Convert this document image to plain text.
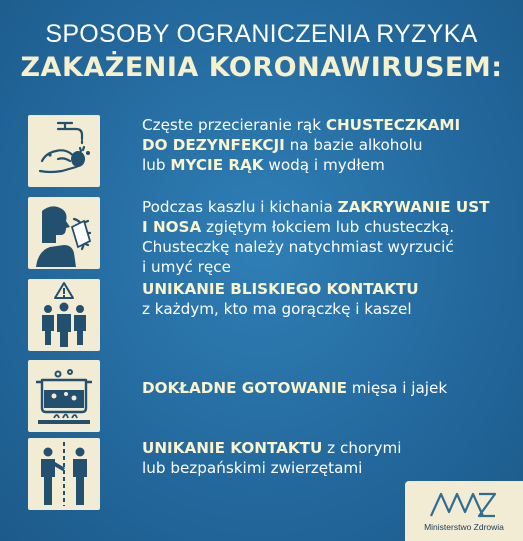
SPOSOBY OGRANICZENIA RYZYKA
ZAKAŻENIA KORONAWIRUSEM:
Częste przecieranie rąk CHUSTECZKAMI
DO DEZYNFEKCJI na bazie alkoholu
lub MYCIE RĄK wodą i mydłem
Podczas kaszlu i kichania ZAKRYWANIE UST
I NOSA zgiętym łokciem lub chusteczką.
Chusteczkę należy natychmiast wyrzucić
i umyć ręce
UNIKANIE BLISKIEGO KONTAKTU
z każdym, kto ma gorączkę i kaszel
DOKŁADNE GOTOWANIE mięsa i jajek
UNIKANIE KONTAKTU z chorymi
lub bezpańskimi zwierzętami
Ministerstwo Zdrowia
